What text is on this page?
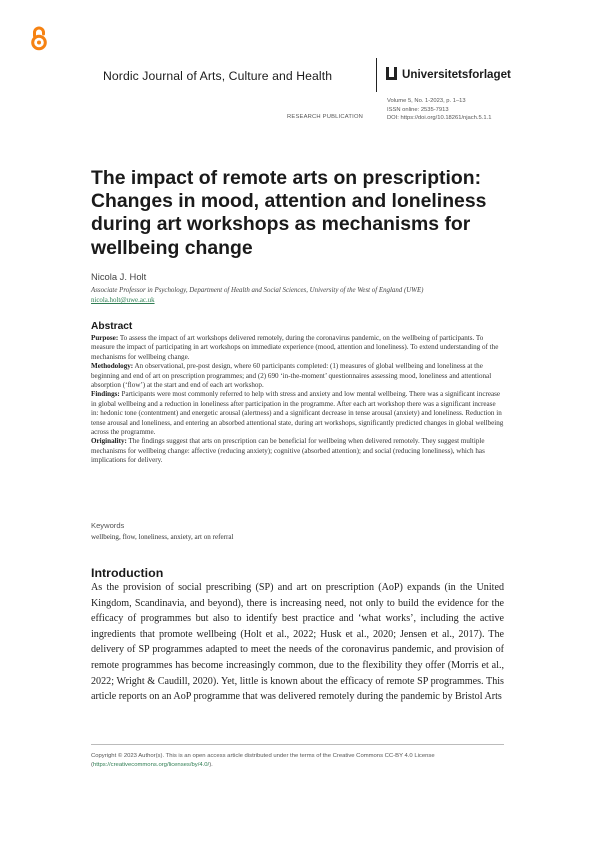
Nordic Journal of Arts, Culture and Health	Universitetsforlaget
Volume 5, No. 1-2023, p. 1–13
ISSN online: 2535-7913
DOI: https://doi.org/10.18261/njach.5.1.1
RESEARCH PUBLICATION
The impact of remote arts on prescription: Changes in mood, attention and loneliness during art workshops as mechanisms for wellbeing change
Nicola J. Holt
Associate Professor in Psychology, Department of Health and Social Sciences, University of the West of England (UWE)
nicola.holt@uwe.ac.uk
Abstract

Purpose: To assess the impact of art workshops delivered remotely, during the coronavirus pandemic, on the wellbeing of participants. To measure the impact of participating in art workshops on immediate experience (mood, attention and loneliness). To extend understanding of the mechanisms for wellbeing change.

Methodology: An observational, pre-post design, where 60 participants completed: (1) measures of global wellbeing and loneliness at the beginning and end of art on prescription programmes; and (2) 690 ‘in-the-moment’ questionnaires assessing mood, loneliness and attentional absorption (‘flow’) at the start and end of each art workshop.

Findings: Participants were most commonly referred to help with stress and anxiety and low mental wellbeing. There was a significant increase in global wellbeing and a reduction in loneliness after participation in the programme. After each art workshop there was a significant increase in: hedonic tone (contentment) and energetic arousal (alertness) and a significant decrease in tense arousal (anxiety) and loneliness. Reduction in tense arousal and loneliness, and entering an absorbed attentional state, during art workshops, significantly predicted changes in global wellbeing across the programme.

Originality: The findings suggest that arts on prescription can be beneficial for wellbeing when delivered remotely. They suggest multiple mechanisms for wellbeing change: affective (reducing anxiety); cognitive (absorbed attention); and social (reducing loneliness), which has implications for delivery.

Keywords
wellbeing, flow, loneliness, anxiety, art on referral
Introduction

As the provision of social prescribing (SP) and art on prescription (AoP) expands (in the United Kingdom, Scandinavia, and beyond), there is increasing need, not only to build the evidence for the efficacy of programmes but also to identify best practice and ‘what works’, including the active ingredients that promote wellbeing (Holt et al., 2022; Husk et al., 2020; Jensen et al., 2017). The delivery of SP programmes adapted to meet the needs of the coronavirus pandemic, and provision of remote programmes has become increasingly common, due to the flexibility they offer (Morris et al., 2022; Wright & Caudill, 2020). Yet, little is known about the efficacy of remote SP programmes. This article reports on an AoP programme that was delivered remotely during the pandemic by Bristol Arts

Copyright © 2023 Author(s). This is an open access article distributed under the terms of the Creative Commons CC-BY 4.0 License (https://creativecommons.org/licenses/by/4.0/).
